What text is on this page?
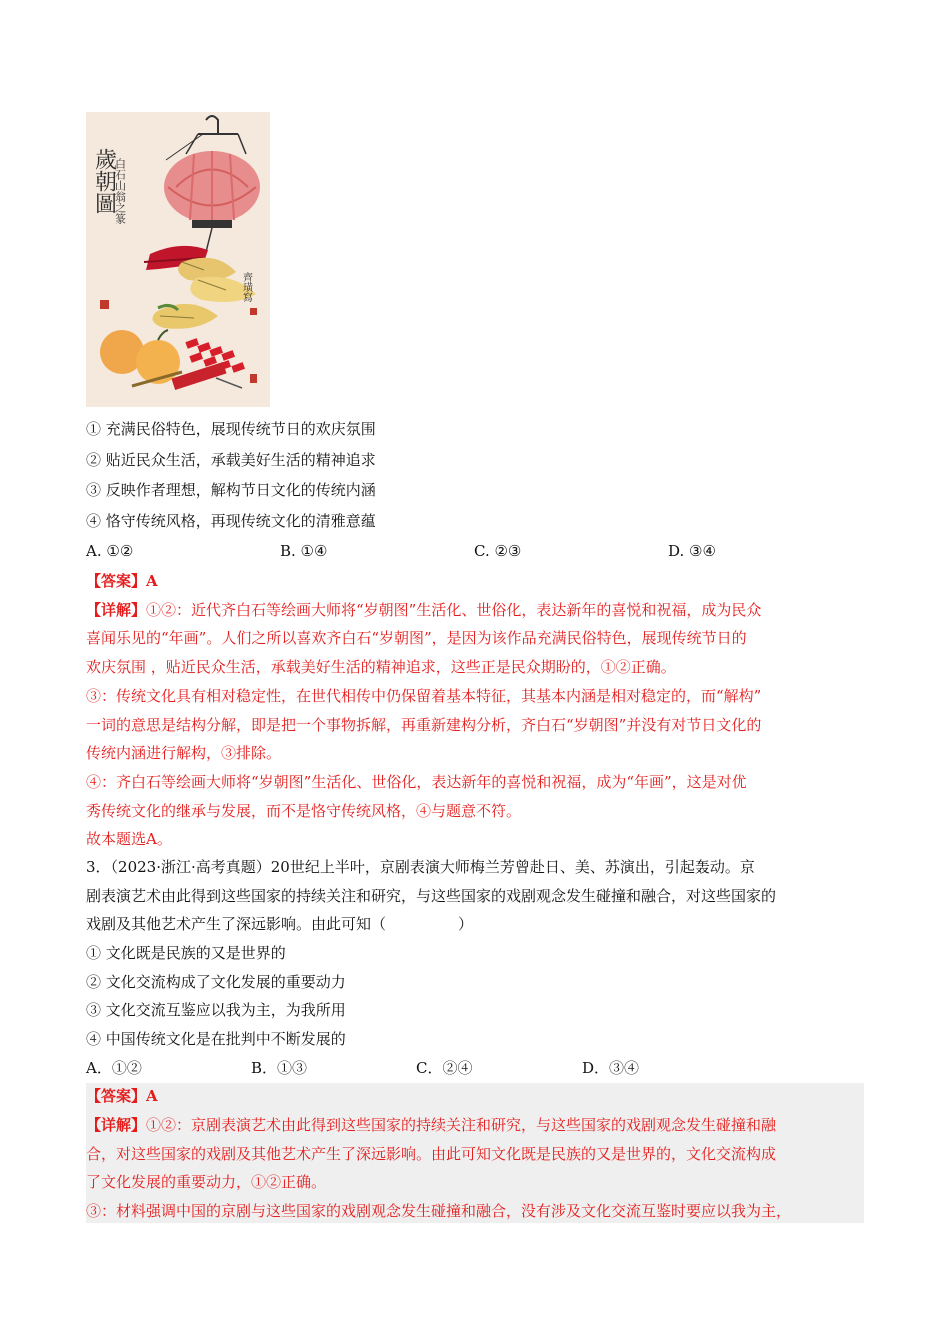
歲朝圖
白石山翁之篆
齊璜寫
① 充满民俗特色，展现传统节日的欢庆氛围
② 贴近民众生活，承载美好生活的精神追求
③ 反映作者理想，解构节日文化的传统内涵
④ 恪守传统风格，再现传统文化的清雅意蕴
A. ①②	B. ①④	C. ②③	D. ③④
【答案】A
【详解】①②：近代齐白石等绘画大师将“岁朝图”生活化、世俗化，表达新年的喜悦和祝福，成为民众
喜闻乐见的“年画”。人们之所以喜欢齐白石“岁朝图”，是因为该作品充满民俗特色，展现传统节日的
欢庆氛围 ，贴近民众生活，承载美好生活的精神追求，这些正是民众期盼的，①②正确。
③：传统文化具有相对稳定性，在世代相传中仍保留着基本特征，其基本内涵是相对稳定的，而“解构”
一词的意思是结构分解，即是把一个事物拆解，再重新建构分析，齐白石“岁朝图”并没有对节日文化的
传统内涵进行解构，③排除。
④：齐白石等绘画大师将“岁朝图”生活化、世俗化，表达新年的喜悦和祝福，成为“年画”，这是对优
秀传统文化的继承与发展，而不是恪守传统风格，④与题意不符。
故本题选A。
3．（2023·浙江·高考真题）20世纪上半叶，京剧表演大师梅兰芳曾赴日、美、苏演出，引起轰动。京
剧表演艺术由此得到这些国家的持续关注和研究，与这些国家的戏剧观念发生碰撞和融合，对这些国家的
戏剧及其他艺术产生了深远影响。由此可知（	）
① 文化既是民族的又是世界的
② 文化交流构成了文化发展的重要动力
③ 文化交流互鉴应以我为主，为我所用
④ 中国传统文化是在批判中不断发展的
A．①②	B．①③	C．②④	D．③④
【答案】A
【详解】①②：京剧表演艺术由此得到这些国家的持续关注和研究，与这些国家的戏剧观念发生碰撞和融
合，对这些国家的戏剧及其他艺术产生了深远影响。由此可知文化既是民族的又是世界的，文化交流构成
了文化发展的重要动力，①②正确。
③：材料强调中国的京剧与这些国家的戏剧观念发生碰撞和融合，没有涉及文化交流互鉴时要应以我为主，
